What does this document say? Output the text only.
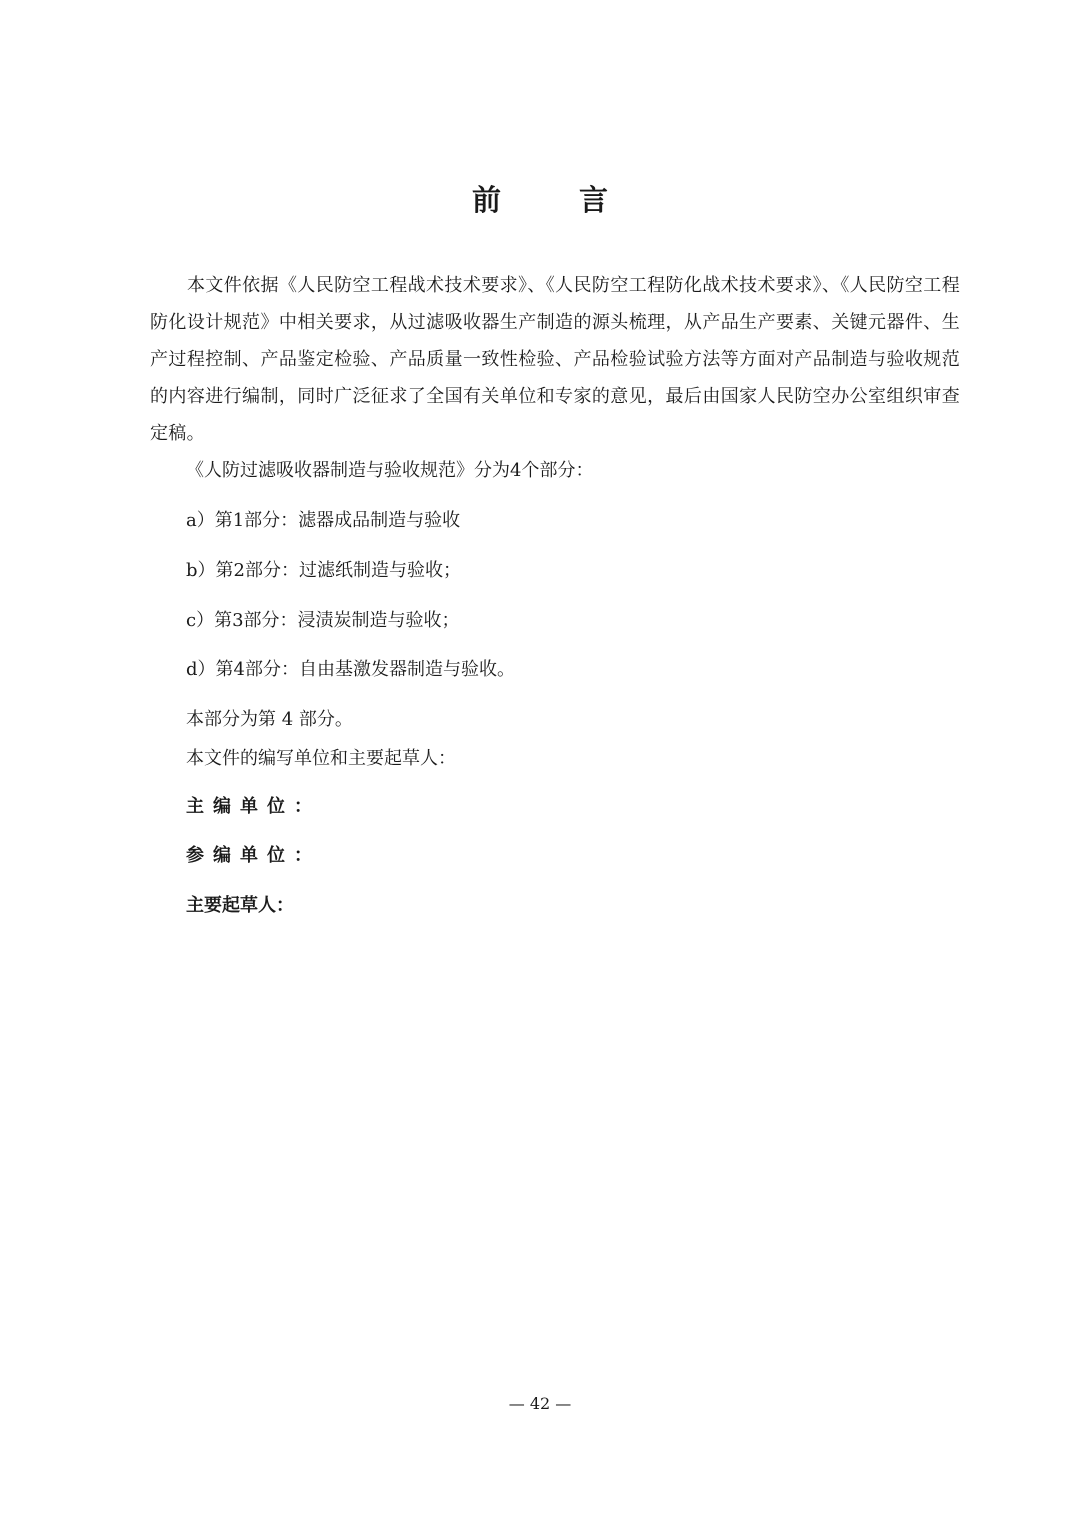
前 言

本文件依据《人民防空工程战术技术要求》、《人民防空工程防化战术技术要求》、《人民防空工程防化设计规范》中相关要求，从过滤吸收器生产制造的源头梳理，从产品生产要素、关键元器件、生产过程控制、产品鉴定检验、产品质量一致性检验、产品检验试验方法等方面对产品制造与验收规范的内容进行编制，同时广泛征求了全国有关单位和专家的意见，最后由国家人民防空办公室组织审查定稿。

《人防过滤吸收器制造与验收规范》分为4个部分：

a）第1部分：滤器成品制造与验收

b）第2部分：过滤纸制造与验收；

c）第3部分：浸渍炭制造与验收；

d）第4部分：自由基激发器制造与验收。

本部分为第 4 部分。

本文件的编写单位和主要起草人：

主编单位：

参编单位：

主要起草人：

— 42 —
